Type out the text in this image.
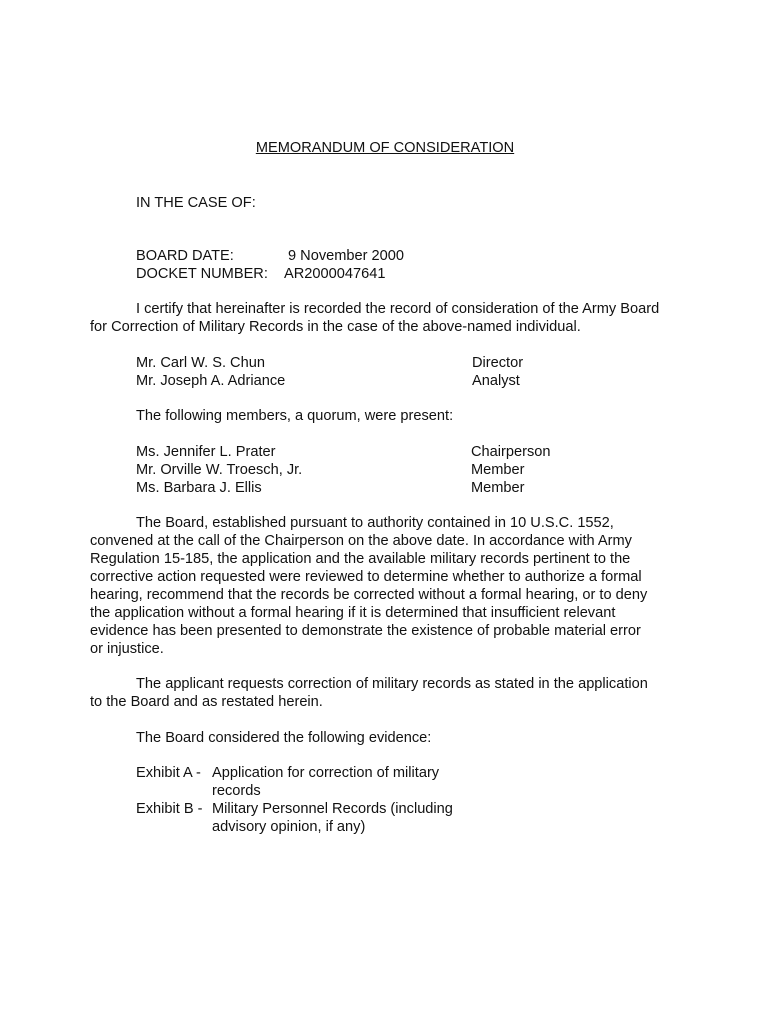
MEMORANDUM OF CONSIDERATION
IN THE CASE OF:
BOARD DATE:	9 November 2000
DOCKET NUMBER: AR2000047641
I certify that hereinafter is recorded the record of consideration of the Army Board
for Correction of Military Records in the case of the above-named individual.
Mr. Carl W. S. Chun	Director
Mr. Joseph A. Adriance	Analyst
The following members, a quorum, were present:
Ms. Jennifer L. Prater	Chairperson
Mr. Orville W. Troesch, Jr.	Member
Ms. Barbara J. Ellis	Member
The Board, established pursuant to authority contained in 10 U.S.C. 1552,
convened at the call of the Chairperson on the above date. In accordance with Army
Regulation 15-185, the application and the available military records pertinent to the
corrective action requested were reviewed to determine whether to authorize a formal
hearing, recommend that the records be corrected without a formal hearing, or to deny
the application without a formal hearing if it is determined that insufficient relevant
evidence has been presented to demonstrate the existence of probable material error
or injustice.
The applicant requests correction of military records as stated in the application
to the Board and as restated herein.
The Board considered the following evidence:
Exhibit A - Application for correction of military
records
Exhibit B - Military Personnel Records (including
advisory opinion, if any)
